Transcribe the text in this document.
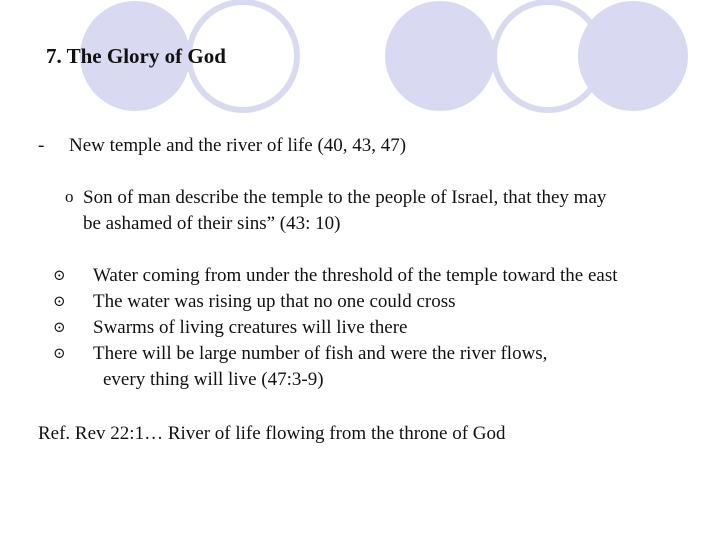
7. The Glory of God
- New temple and the river of life (40, 43, 47)
o Son of man describe the temple to the people of Israel, that they may
be ashamed of their sins” (43: 10)
⊙ Water coming from under the threshold of the temple toward the east
⊙ The water was rising up that no one could cross
⊙ Swarms of living creatures will live there
⊙ There will be large number of fish and were the river flows,
every thing will live (47:3-9)
Ref. Rev 22:1… River of life flowing from the throne of God
